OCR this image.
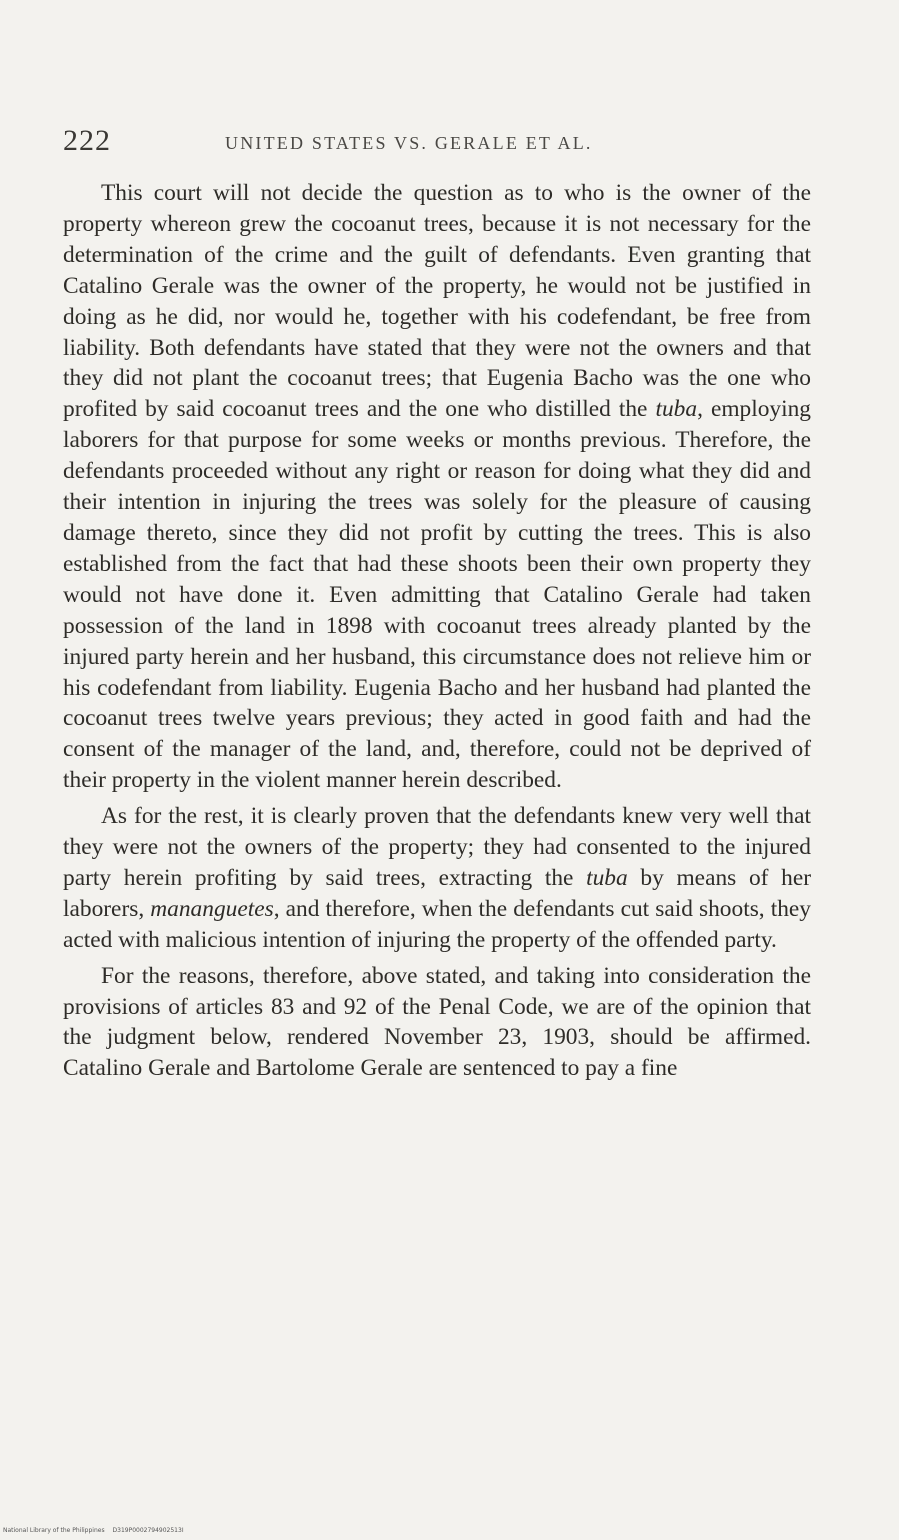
222	UNITED STATES VS. GERALE ET AL.

This court will not decide the question as to who is the owner of the property whereon grew the cocoanut trees, because it is not necessary for the determination of the crime and the guilt of defendants. Even granting that Catalino Gerale was the owner of the property, he would not be justified in doing as he did, nor would he, together with his codefendant, be free from liability. Both defendants have stated that they were not the owners and that they did not plant the cocoanut trees; that Eugenia Bacho was the one who profited by said cocoanut trees and the one who distilled the tuba, employing laborers for that purpose for some weeks or months previous. Therefore, the defendants proceeded without any right or reason for doing what they did and their intention in injuring the trees was solely for the pleasure of causing damage thereto, since they did not profit by cutting the trees. This is also established from the fact that had these shoots been their own property they would not have done it. Even admitting that Catalino Gerale had taken possession of the land in 1898 with cocoanut trees already planted by the injured party herein and her husband, this circumstance does not relieve him or his codefendant from liability. Eugenia Bacho and her husband had planted the cocoanut trees twelve years previous; they acted in good faith and had the consent of the manager of the land, and, therefore, could not be deprived of their property in the violent manner herein described.

As for the rest, it is clearly proven that the defendants knew very well that they were not the owners of the property; they had consented to the injured party herein profiting by said trees, extracting the tuba by means of her laborers, mananguetes, and therefore, when the defendants cut said shoots, they acted with malicious intention of injuring the property of the offended party.

For the reasons, therefore, above stated, and taking into consideration the provisions of articles 83 and 92 of the Penal Code, we are of the opinion that the judgment below, rendered November 23, 1903, should be affirmed. Catalino Gerale and Bartolome Gerale are sentenced to pay a fine

National Library of the Philippines D319P0002794902513I
